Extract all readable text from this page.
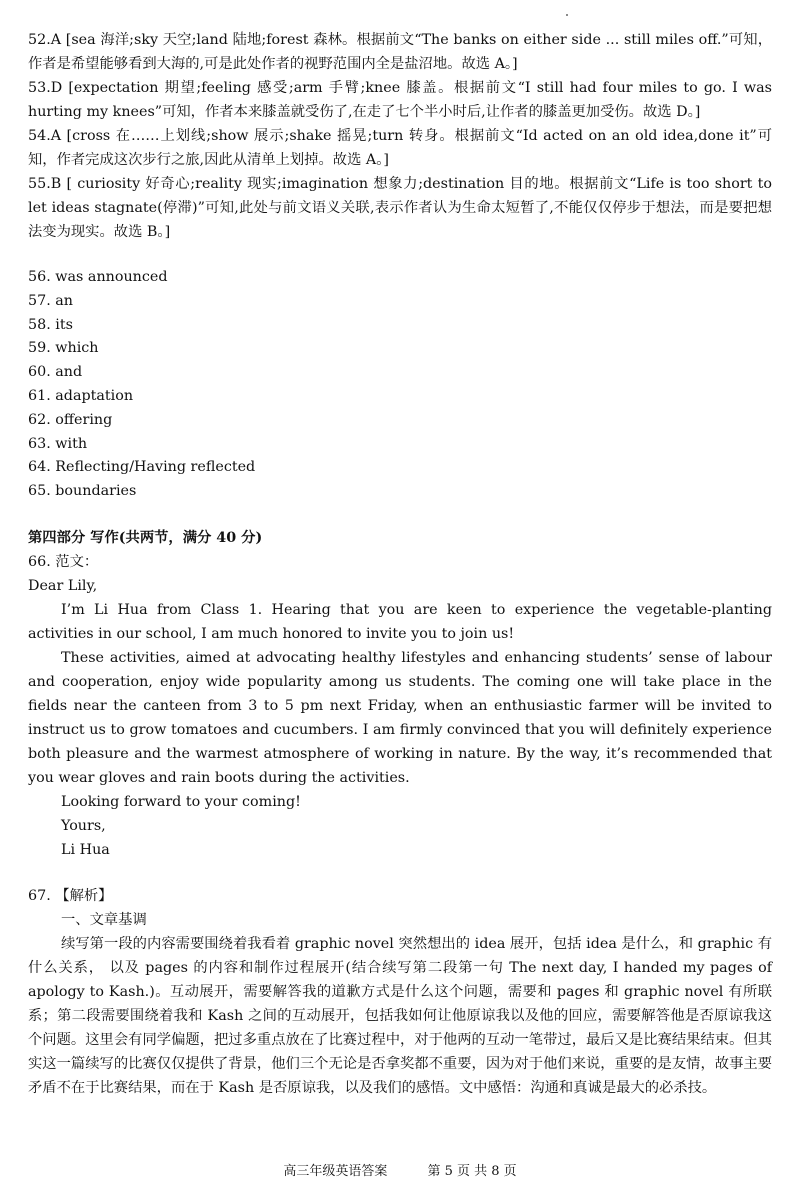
52.A [sea 海洋;sky 天空;land 陆地;forest 森林。根据前文“The banks on either side ... still miles off.”可知，作者是希望能够看到大海的,可是此处作者的视野范围内全是盐沼地。故选 A。]

53.D [expectation 期望;feeling 感受;arm 手臂;knee 膝盖。根据前文“I still had four miles to go. I was hurting my knees”可知，作者本来膝盖就受伤了,在走了七个半小时后,让作者的膝盖更加受伤。故选 D。]

54.A [cross 在……上划线;show 展示;shake 摇晃;turn 转身。根据前文“Id acted on an old idea,done it”可知，作者完成这次步行之旅,因此从清单上划掉。故选 A。]

55.B [ curiosity 好奇心;reality 现实;imagination 想象力;destination 目的地。根据前文“Life is too short to let ideas stagnate(停滞)”可知,此处与前文语义关联,表示作者认为生命太短暂了,不能仅仅停步于想法，而是要把想法变为现实。故选 B。]

56. was announced
57. an
58. its
59. which
60. and
61. adaptation
62. offering
63. with
64. Reflecting/Having reflected
65. boundaries
第四部分 写作(共两节，满分 40 分)

66. 范文：

Dear Lily,

I’m Li Hua from Class 1. Hearing that you are keen to experience the vegetable-planting activities in our school, I am much honored to invite you to join us!

These activities, aimed at advocating healthy lifestyles and enhancing students’ sense of labour and cooperation, enjoy wide popularity among us students. The coming one will take place in the fields near the canteen from 3 to 5 pm next Friday, when an enthusiastic farmer will be invited to instruct us to grow tomatoes and cucumbers. I am firmly convinced that you will definitely experience both pleasure and the warmest atmosphere of working in nature. By the way, it’s recommended that you wear gloves and rain boots during the activities.

Looking forward to your coming!

Yours,

Li Hua

67. 【解析】

一、文章基调

续写第一段的内容需要围绕着我看着 graphic novel 突然想出的 idea 展开，包括 idea 是什么，和 graphic 有什么关系， 以及 pages 的内容和制作过程展开(结合续写第二段第一句 The next day, I handed my pages of apology to Kash.)。互动展开，需要解答我的道歉方式是什么这个问题，需要和 pages 和 graphic novel 有所联系；第二段需要围绕着我和 Kash 之间的互动展开，包括我如何让他原谅我以及他的回应，需要解答他是否原谅我这个问题。这里会有同学偏题，把过多重点放在了比赛过程中，对于他两的互动一笔带过，最后又是比赛结果结束。但其实这一篇续写的比赛仅仅提供了背景，他们三个无论是否拿奖都不重要，因为对于他们来说，重要的是友情，故事主要矛盾不在于比赛结果，而在于 Kash 是否原谅我，以及我们的感悟。文中感悟：沟通和真诚是最大的必杀技。

高三年级英语答案	第 5 页 共 8 页
